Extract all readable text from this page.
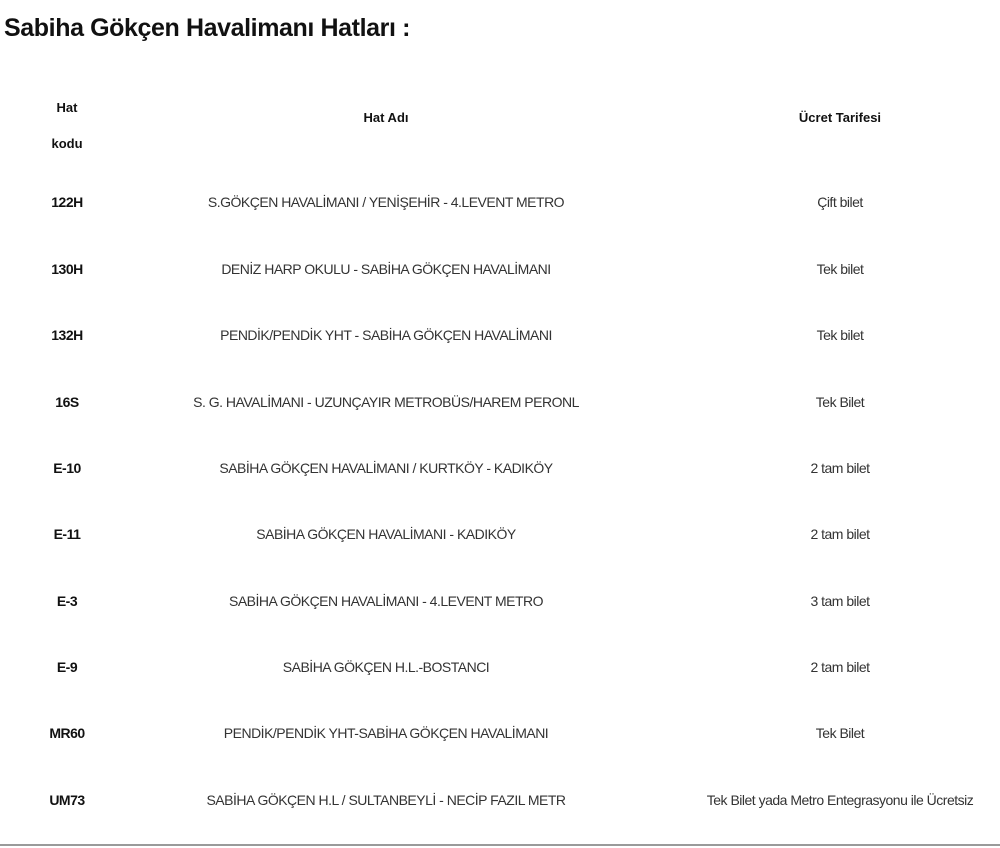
Sabiha Gökçen Havalimanı Hatları :
Hat
kodu
Hat Adı	Ücret Tarifesi
122H	S.GÖKÇEN HAVALİMANI / YENİŞEHİR - 4.LEVENT METRO	Çift bilet
130H	DENİZ HARP OKULU - SABİHA GÖKÇEN HAVALİMANI	Tek bilet
132H	PENDİK/PENDİK YHT - SABİHA GÖKÇEN HAVALİMANI	Tek bilet
16S	S. G. HAVALİMANI - UZUNÇAYIR METROBÜS/HAREM PERONL	Tek Bilet
E-10	SABİHA GÖKÇEN HAVALİMANI / KURTKÖY - KADIKÖY	2 tam bilet
E-11	SABİHA GÖKÇEN HAVALİMANI - KADIKÖY	2 tam bilet
E-3	SABİHA GÖKÇEN HAVALİMANI - 4.LEVENT METRO	3 tam bilet
E-9	SABİHA GÖKÇEN H.L.-BOSTANCI	2 tam bilet
MR60	PENDİK/PENDİK YHT-SABİHA GÖKÇEN HAVALİMANI	Tek Bilet
UM73	SABİHA GÖKÇEN H.L / SULTANBEYLİ - NECİP FAZIL METR	Tek Bilet yada Metro Entegrasyonu ile Ücretsiz
